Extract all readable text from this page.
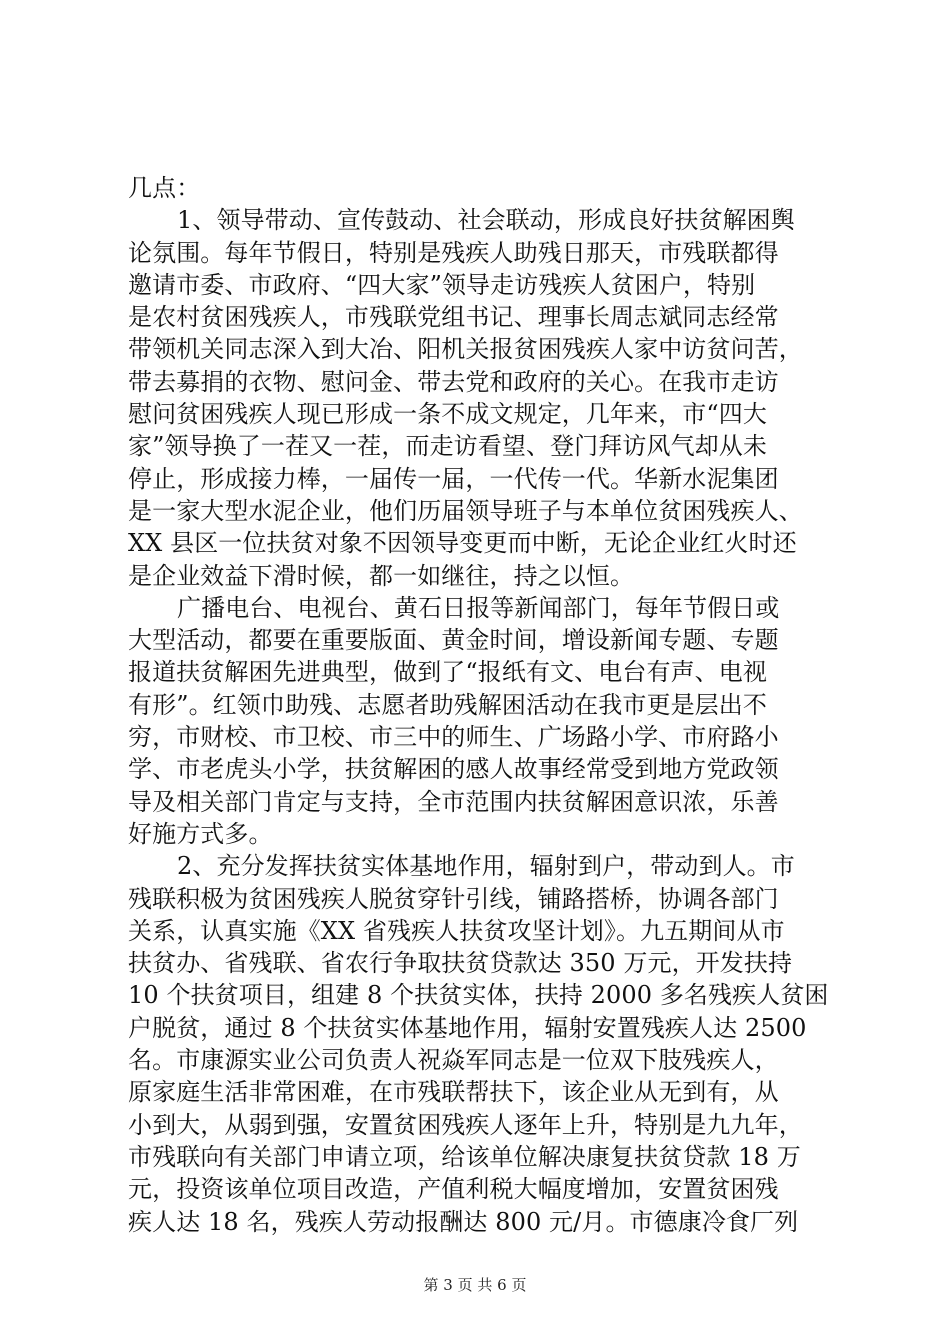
几点：
1、领导带动、宣传鼓动、社会联动，形成良好扶贫解困舆
论氛围。每年节假日，特别是残疾人助残日那天，市残联都得
邀请市委、市政府、“四大家”领导走访残疾人贫困户，特别
是农村贫困残疾人，市残联党组书记、理事长周志斌同志经常
带领机关同志深入到大冶、阳机关报贫困残疾人家中访贫问苦，
带去募捐的衣物、慰问金、带去党和政府的关心。在我市走访
慰问贫困残疾人现已形成一条不成文规定，几年来，市“四大
家”领导换了一茬又一茬，而走访看望、登门拜访风气却从未
停止，形成接力棒，一届传一届，一代传一代。华新水泥集团
是一家大型水泥企业，他们历届领导班子与本单位贫困残疾人、
XX 县区一位扶贫对象不因领导变更而中断，无论企业红火时还
是企业效益下滑时候，都一如继往，持之以恒。
广播电台、电视台、黄石日报等新闻部门，每年节假日或
大型活动，都要在重要版面、黄金时间，增设新闻专题、专题
报道扶贫解困先进典型，做到了“报纸有文、电台有声、电视
有形”。红领巾助残、志愿者助残解困活动在我市更是层出不
穷，市财校、市卫校、市三中的师生、广场路小学、市府路小
学、市老虎头小学，扶贫解困的感人故事经常受到地方党政领
导及相关部门肯定与支持，全市范围内扶贫解困意识浓，乐善
好施方式多。
2、充分发挥扶贫实体基地作用，辐射到户，带动到人。市
残联积极为贫困残疾人脱贫穿针引线，铺路搭桥，协调各部门
关系，认真实施《XX 省残疾人扶贫攻坚计划》。九五期间从市
扶贫办、省残联、省农行争取扶贫贷款达 350 万元，开发扶持
10 个扶贫项目，组建 8 个扶贫实体，扶持 2000 多名残疾人贫困
户脱贫，通过 8 个扶贫实体基地作用，辐射安置残疾人达 2500
名。市康源实业公司负责人祝焱军同志是一位双下肢残疾人，
原家庭生活非常困难，在市残联帮扶下，该企业从无到有，从
小到大，从弱到强，安置贫困残疾人逐年上升，特别是九九年，
市残联向有关部门申请立项，给该单位解决康复扶贫贷款 18 万
元，投资该单位项目改造，产值利税大幅度增加，安置贫困残
疾人达 18 名，残疾人劳动报酬达 800 元/月。市德康冷食厂列
第 3 页 共 6 页
